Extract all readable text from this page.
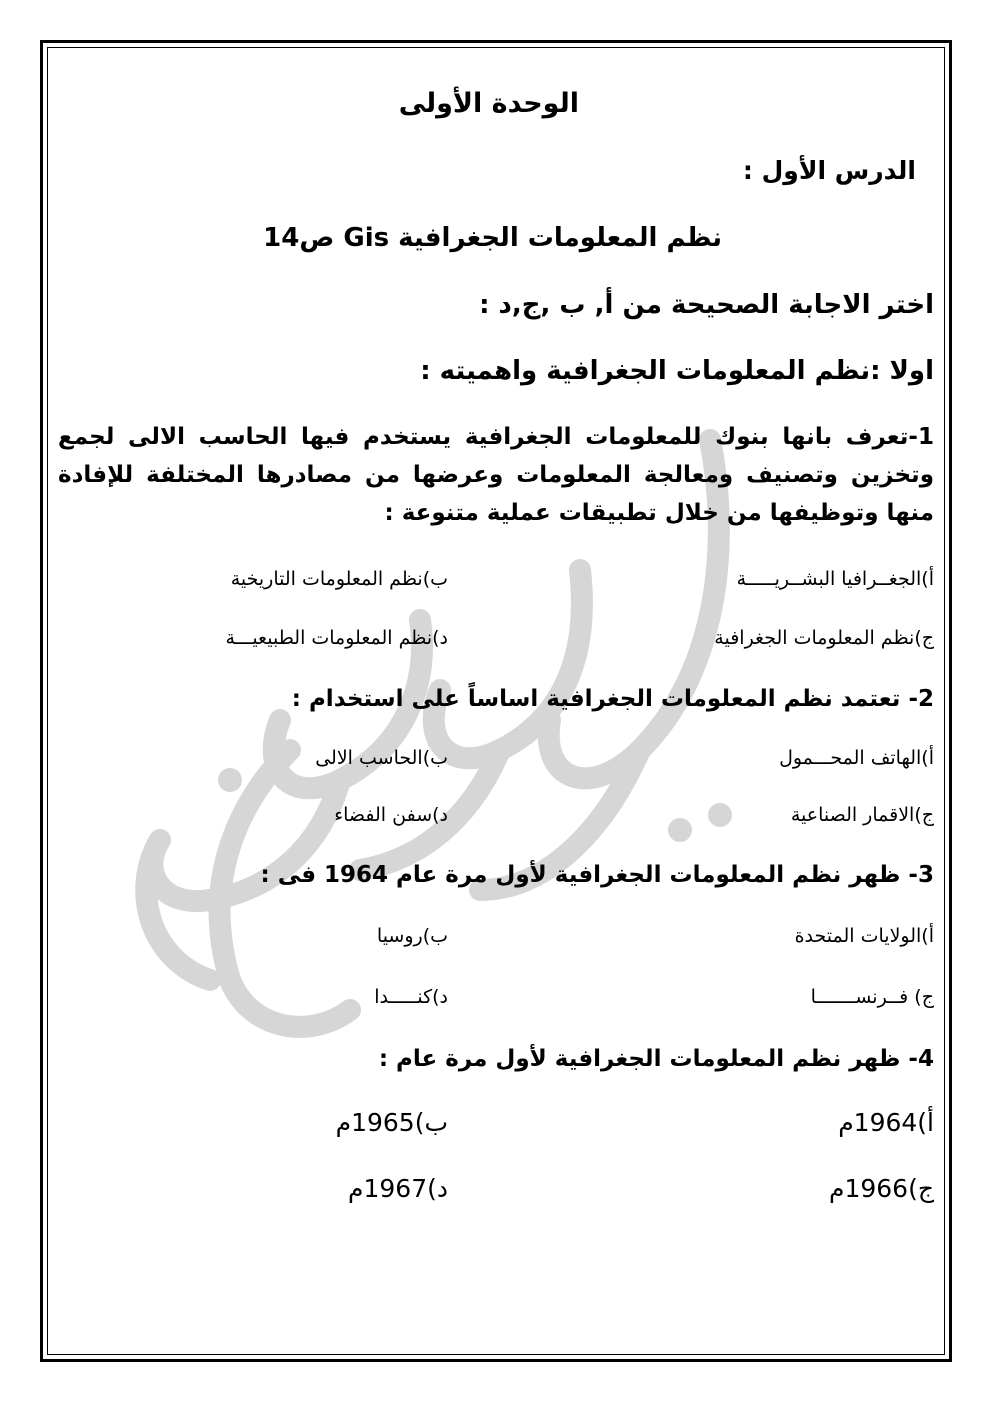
الوحدة الأولى
الدرس الأول :
نظم المعلومات الجغرافية Gis ص14
اختر الاجابة الصحيحة من أ, ب ,ج,د :
اولا :نظم المعلومات الجغرافية واهميته :
1-تعرف بانها بنوك للمعلومات الجغرافية يستخدم فيها الحاسب الالى لجمع وتخزين وتصنيف ومعالجة المعلومات وعرضها من مصادرها المختلفة للإفادة منها وتوظيفها من خلال تطبيقات عملية متنوعة :
أ)الجغــرافيا البشــريـــــة
ب)نظم المعلومات التاريخية
ج)نظم المعلومات الجغرافية
د)نظم المعلومات الطبيعيـــة
2- تعتمد نظم المعلومات الجغرافية اساساً على استخدام :
أ)الهاتف المحـــمول
ب)الحاسب الالى
ج)الاقمار الصناعية
د)سفن الفضاء
3- ظهر نظم المعلومات الجغرافية لأول مرة عام 1964 فى :
أ)الولايات المتحدة
ب)روسيا
ج) فــرنســـــــا
د)كنـــــدا
4- ظهر نظم المعلومات الجغرافية لأول مرة عام :
أ)1964م
ب)1965م
ج)1966م
د)1967م
